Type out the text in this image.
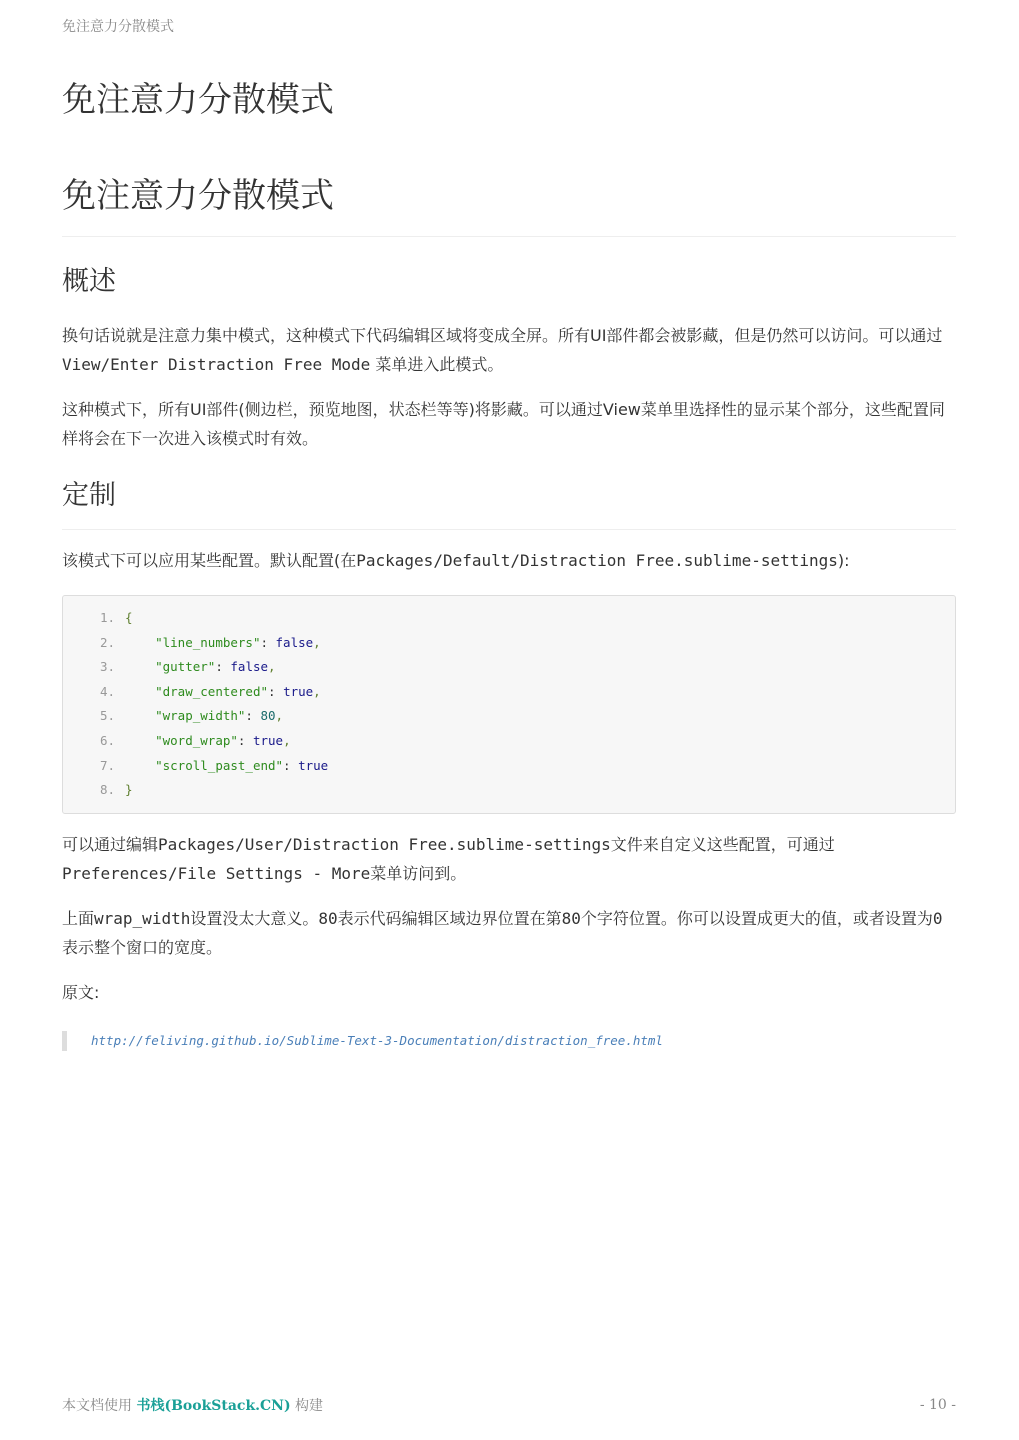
免注意力分散模式
免注意力分散模式
免注意力分散模式
概述

换句话说就是注意力集中模式，这种模式下代码编辑区域将变成全屏。所有UI部件都会被影藏，但是仍然可以访问。可以通过View/Enter Distraction Free Mode 菜单进入此模式。

这种模式下，所有UI部件(侧边栏，预览地图，状态栏等等)将影藏。可以通过View菜单里选择性的显示某个部分，这些配置同样将会在下一次进入该模式时有效。

定制

该模式下可以应用某些配置。默认配置(在Packages/Default/Distraction Free.sublime-settings):

1. {
2.	"line_numbers": false,
3.	"gutter": false,
4.	"draw_centered": true,
5.	"wrap_width": 80,
6.	"word_wrap": true,
7.	"scroll_past_end": true
8. }

可以通过编辑Packages/User/Distraction Free.sublime-settings文件来自定义这些配置，可通过
Preferences/File Settings - More菜单访问到。

上面wrap_width设置没太大意义。80表示代码编辑区域边界位置在第80个字符位置。你可以设置成更大的值，或者设置为0表示整个窗口的宽度。

原文:

http://feliving.github.io/Sublime-Text-3-Documentation/distraction_free.html
本文档使用 书栈(BookStack.CN) 构建	- 10 -
